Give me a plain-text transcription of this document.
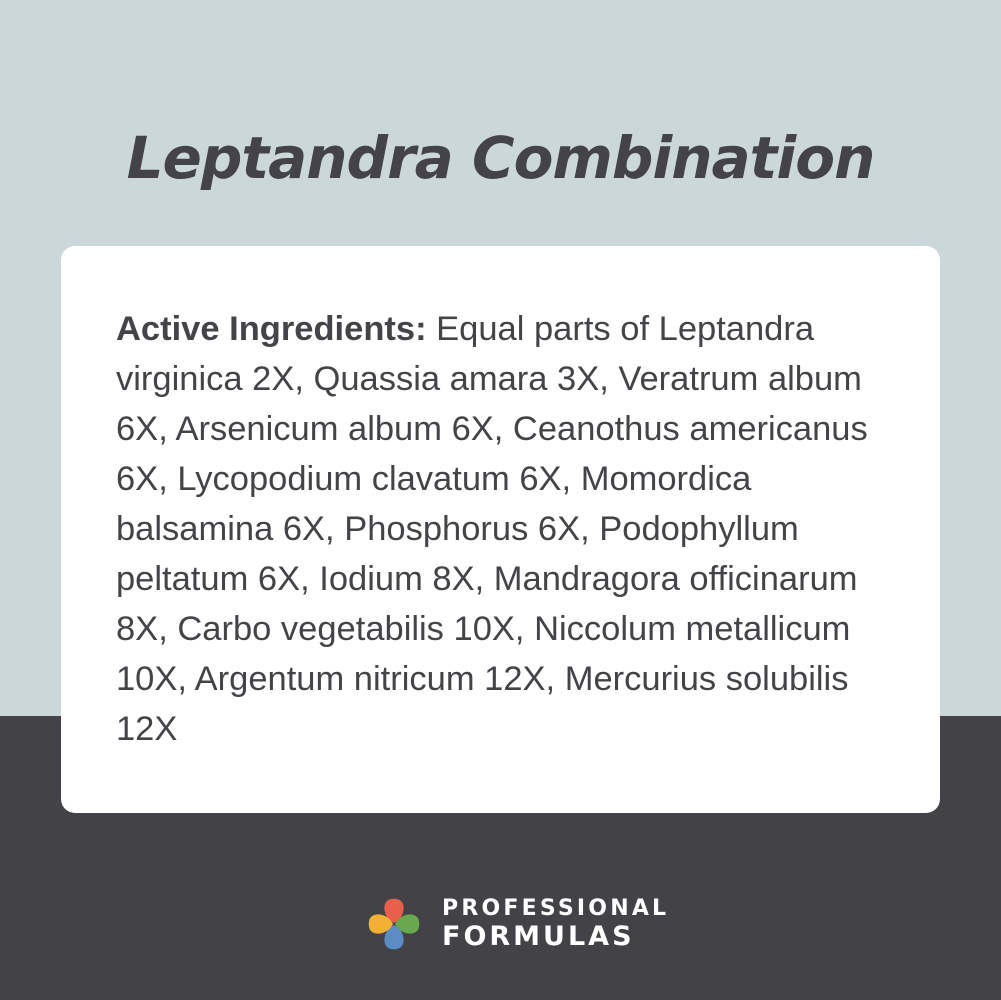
Leptandra Combination

Active Ingredients: Equal parts of Leptandra virginica 2X, Quassia amara 3X, Veratrum album 6X, Arsenicum album 6X, Ceanothus americanus 6X, Lycopodium clavatum 6X, Momordica balsamina 6X, Phosphorus 6X, Podophyllum peltatum 6X, Iodium 8X, Mandragora officinarum 8X, Carbo vegetabilis 10X, Niccolum metallicum 10X, Argentum nitricum 12X, Mercurius solubilis 12X

PROFESSIONAL
FORMULAS
